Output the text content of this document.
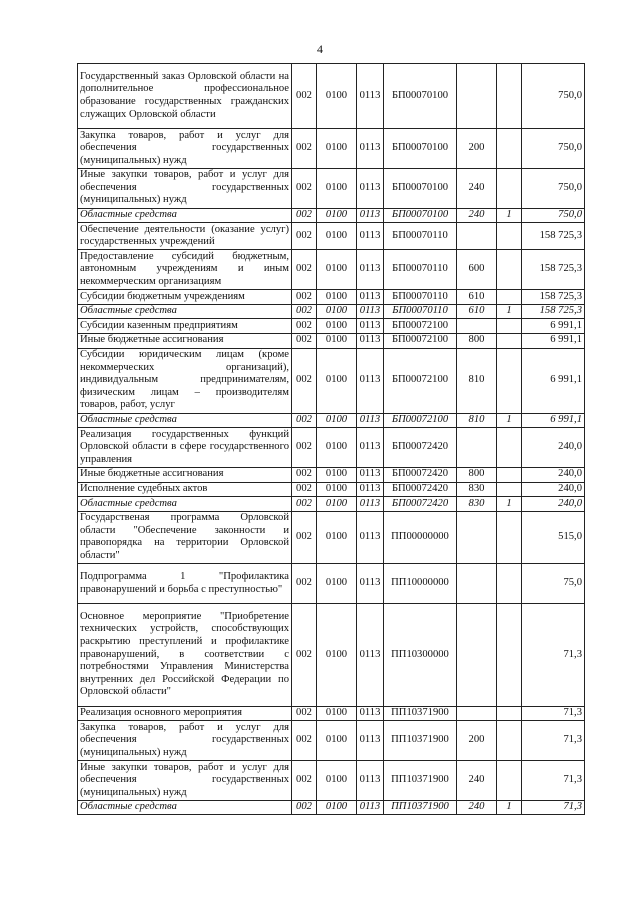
4
Государственный заказ Орловской области на дополнительное профессиональное образование государственных гражданских служащих Орловской области	002	0100	0113	БП00070100			750,0
Закупка товаров, работ и услуг для обеспечения государственных (муниципальных) нужд	002	0100	0113	БП00070100	200		750,0
Иные закупки товаров, работ и услуг для обеспечения государственных (муниципальных) нужд	002	0100	0113	БП00070100	240		750,0
Областные средства	002	0100	0113	БП00070100	240	1	750,0
Обеспечение деятельности (оказание услуг) государственных учреждений	002	0100	0113	БП00070110			158 725,3
Предоставление субсидий бюджетным, автономным учреждениям и иным некоммерческим организациям	002	0100	0113	БП00070110	600		158 725,3
Субсидии бюджетным учреждениям	002	0100	0113	БП00070110	610		158 725,3
Областные средства	002	0100	0113	БП00070110	610	1	158 725,3
Субсидии казенным предприятиям	002	0100	0113	БП00072100			6 991,1
Иные бюджетные ассигнования	002	0100	0113	БП00072100	800		6 991,1
Субсидии юридическим лицам (кроме некоммерческих организаций), индивидуальным предпринимателям, физическим лицам – производителям товаров, работ, услуг	002	0100	0113	БП00072100	810		6 991,1
Областные средства	002	0100	0113	БП00072100	810	1	6 991,1
Реализация государственных функций Орловской области в сфере государственного управления	002	0100	0113	БП00072420			240,0
Иные бюджетные ассигнования	002	0100	0113	БП00072420	800		240,0
Исполнение судебных актов	002	0100	0113	БП00072420	830		240,0
Областные средства	002	0100	0113	БП00072420	830	1	240,0
Государственая программа Орловской области "Обеспечение законности и правопорядка на территории Орловской области"	002	0100	0113	ПП00000000			515,0
Подпрограмма 1 "Профилактика правонарушений и борьба с преступностью"	002	0100	0113	ПП10000000			75,0
Основное мероприятие "Приобретение технических устройств, способствующих раскрытию преступлений и профилактике правонарушений, в соответствии с потребностями Управления Министерства внутренних дел Российской Федерации по Орловской области"	002	0100	0113	ПП10300000			71,3
Реализация основного мероприятия	002	0100	0113	ПП10371900			71,3
Закупка товаров, работ и услуг для обеспечения государственных (муниципальных) нужд	002	0100	0113	ПП10371900	200		71,3
Иные закупки товаров, работ и услуг для обеспечения государственных (муниципальных) нужд	002	0100	0113	ПП10371900	240		71,3
Областные средства	002	0100	0113	ПП10371900	240	1	71,3
